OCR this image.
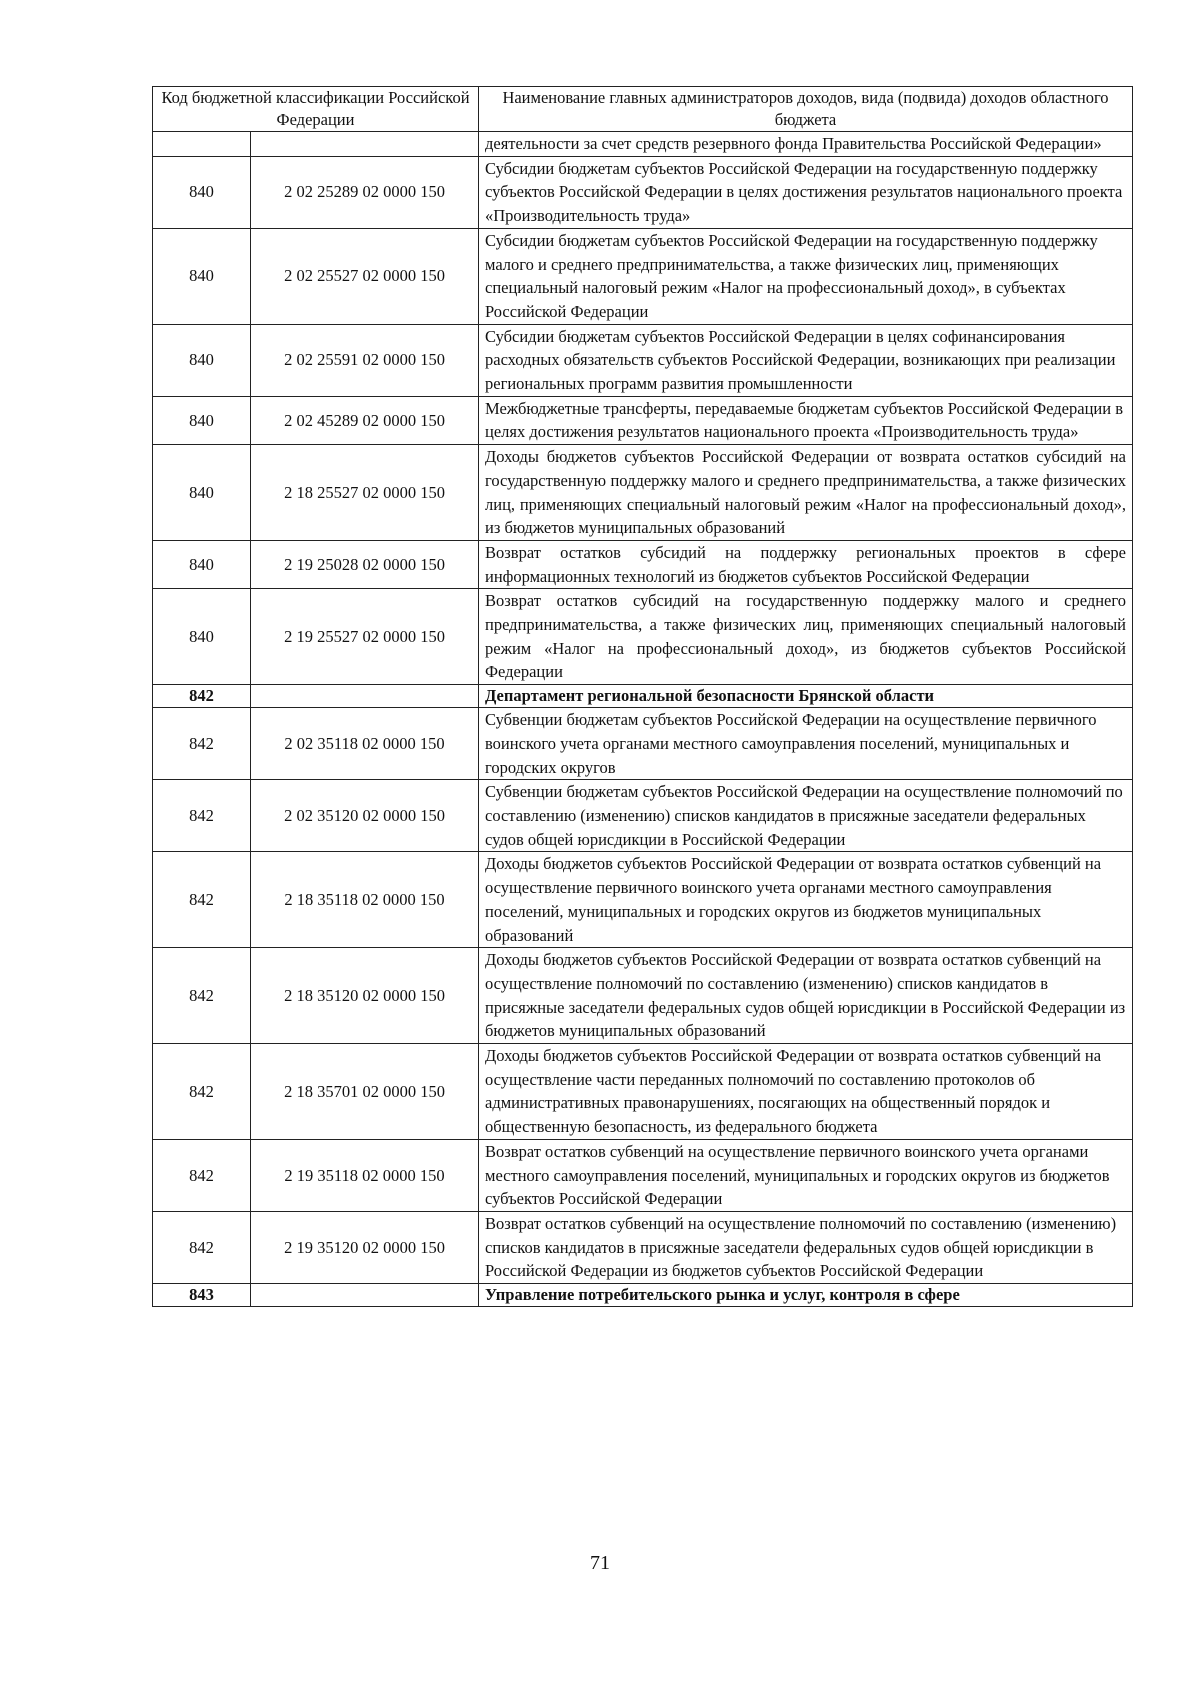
Код бюджетной классификации Российской Федерации		Наименование главных администраторов доходов, вида (подвида) доходов областного бюджета
		деятельности за счет средств резервного фонда Правительства Российской Федерации»
840	2 02 25289 02 0000 150	Субсидии бюджетам субъектов Российской Федерации на государственную поддержку субъектов Российской Федерации в целях достижения результатов национального проекта «Производительность труда»
840	2 02 25527 02 0000 150	Субсидии бюджетам субъектов Российской Федерации на государственную поддержку малого и среднего предпринимательства, а также физических лиц, применяющих специальный налоговый режим «Налог на профессиональный доход», в субъектах Российской Федерации
840	2 02 25591 02 0000 150	Субсидии бюджетам субъектов Российской Федерации в целях софинансирования расходных обязательств субъектов Российской Федерации, возникающих при реализации региональных программ развития промышленности
840	2 02 45289 02 0000 150	Межбюджетные трансферты, передаваемые бюджетам субъектов Российской Федерации в целях достижения результатов национального проекта «Производительность труда»
840	2 18 25527 02 0000 150	Доходы бюджетов субъектов Российской Федерации от возврата остатков субсидий на государственную поддержку малого и среднего предпринимательства, а также физических лиц, применяющих специальный налоговый режим «Налог на профессиональный доход», из бюджетов муниципальных образований
840	2 19 25028 02 0000 150	Возврат остатков субсидий на поддержку региональных проектов в сфере информационных технологий из бюджетов субъектов Российской Федерации
840	2 19 25527 02 0000 150	Возврат остатков субсидий на государственную поддержку малого и среднего предпринимательства, а также физических лиц, применяющих специальный налоговый режим «Налог на профессиональный доход», из бюджетов субъектов Российской Федерации
842		Департамент региональной безопасности Брянской области
842	2 02 35118 02 0000 150	Субвенции бюджетам субъектов Российской Федерации на осуществление первичного воинского учета органами местного самоуправления поселений, муниципальных и городских округов
842	2 02 35120 02 0000 150	Субвенции бюджетам субъектов Российской Федерации на осуществление полномочий по составлению (изменению) списков кандидатов в присяжные заседатели федеральных судов общей юрисдикции в Российской Федерации
842	2 18 35118 02 0000 150	Доходы бюджетов субъектов Российской Федерации от возврата остатков субвенций на осуществление первичного воинского учета органами местного самоуправления поселений, муниципальных и городских округов из бюджетов муниципальных образований
842	2 18 35120 02 0000 150	Доходы бюджетов субъектов Российской Федерации от возврата остатков субвенций на осуществление полномочий по составлению (изменению) списков кандидатов в присяжные заседатели федеральных судов общей юрисдикции в Российской Федерации из бюджетов муниципальных образований
842	2 18 35701 02 0000 150	Доходы бюджетов субъектов Российской Федерации от возврата остатков субвенций на осуществление части переданных полномочий по составлению протоколов об административных правонарушениях, посягающих на общественный порядок и общественную безопасность, из федерального бюджета
842	2 19 35118 02 0000 150	Возврат остатков субвенций на осуществление первичного воинского учета органами местного самоуправления поселений, муниципальных и городских округов из бюджетов субъектов Российской Федерации
842	2 19 35120 02 0000 150	Возврат остатков субвенций на осуществление полномочий по составлению (изменению) списков кандидатов в присяжные заседатели федеральных судов общей юрисдикции в Российской Федерации из бюджетов субъектов Российской Федерации
843		Управление потребительского рынка и услуг, контроля в сфере
71
